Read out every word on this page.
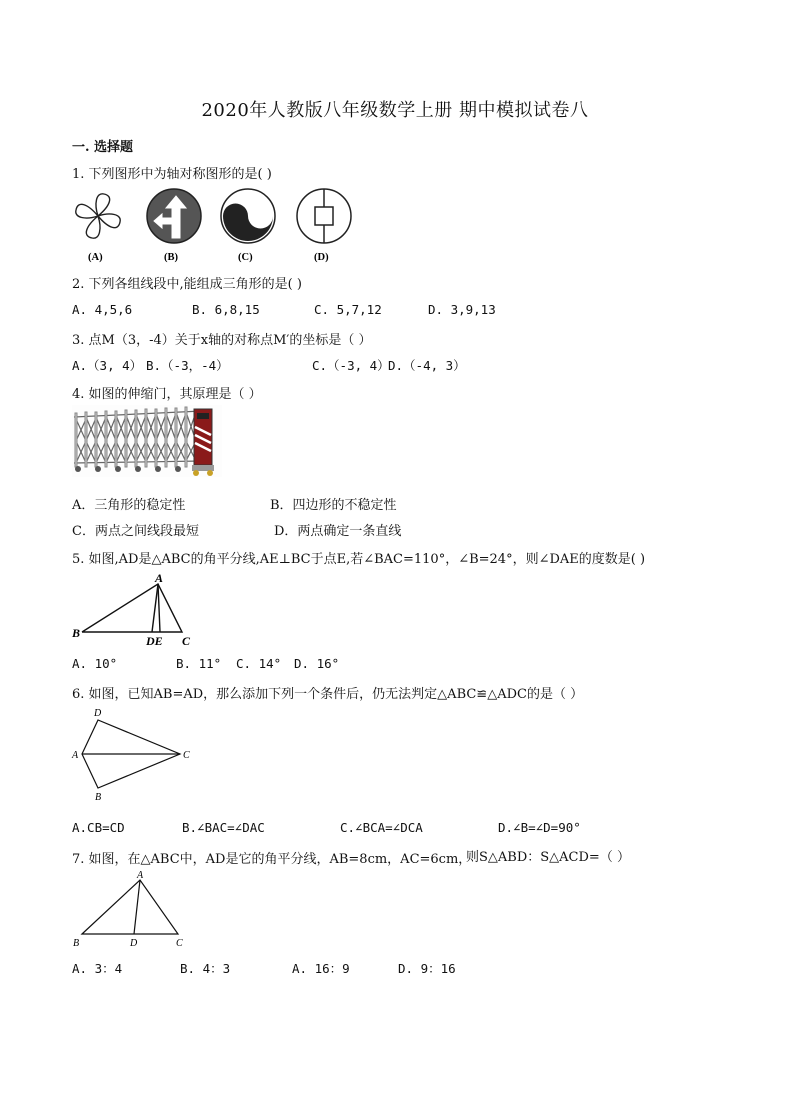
2020年人教版八年级数学上册 期中模拟试卷八
一. 选择题
1. 下列图形中为轴对称图形的是( )
(A)	(B)	(C)	(D)
2. 下列各组线段中,能组成三角形的是( )
A. 4,5,6	B. 6,8,15	C. 5,7,12	D. 3,9,13
3. 点M（3，-4）关于x轴的对称点M′的坐标是（ ）
A.（3, 4） B.（-3，-4）	C.（-3, 4）
D.（-4, 3）
4. 如图的伸缩门，其原理是（ ）
A．三角形的稳定性	B．四边形的不稳定性
C．两点之间线段最短	D．两点确定一条直线
5. 如图,AD是△ABC的角平分线,AE⊥BC于点E,若∠BAC=110°，∠B=24°，则∠DAE的度数是( )
A
B
DE C
A. 10°	B. 11° C. 14° D. 16°
6. 如图，已知AB=AD，那么添加下列一个条件后，仍无法判定△ABC≌△ADC的是（ ）
D
A	C
B
A.CB=CD	B.∠BAC=∠DAC	C.∠BCA=∠DCA	D.∠B=∠D=90°
7. 如图，在△ABC中，AD是它的角平分线，AB=8cm，AC=6cm，
则S△ABD：S△ACD=（ ）
A
B	D	C
A. 3：4	B. 4：3	A. 16：9	D. 9：16
